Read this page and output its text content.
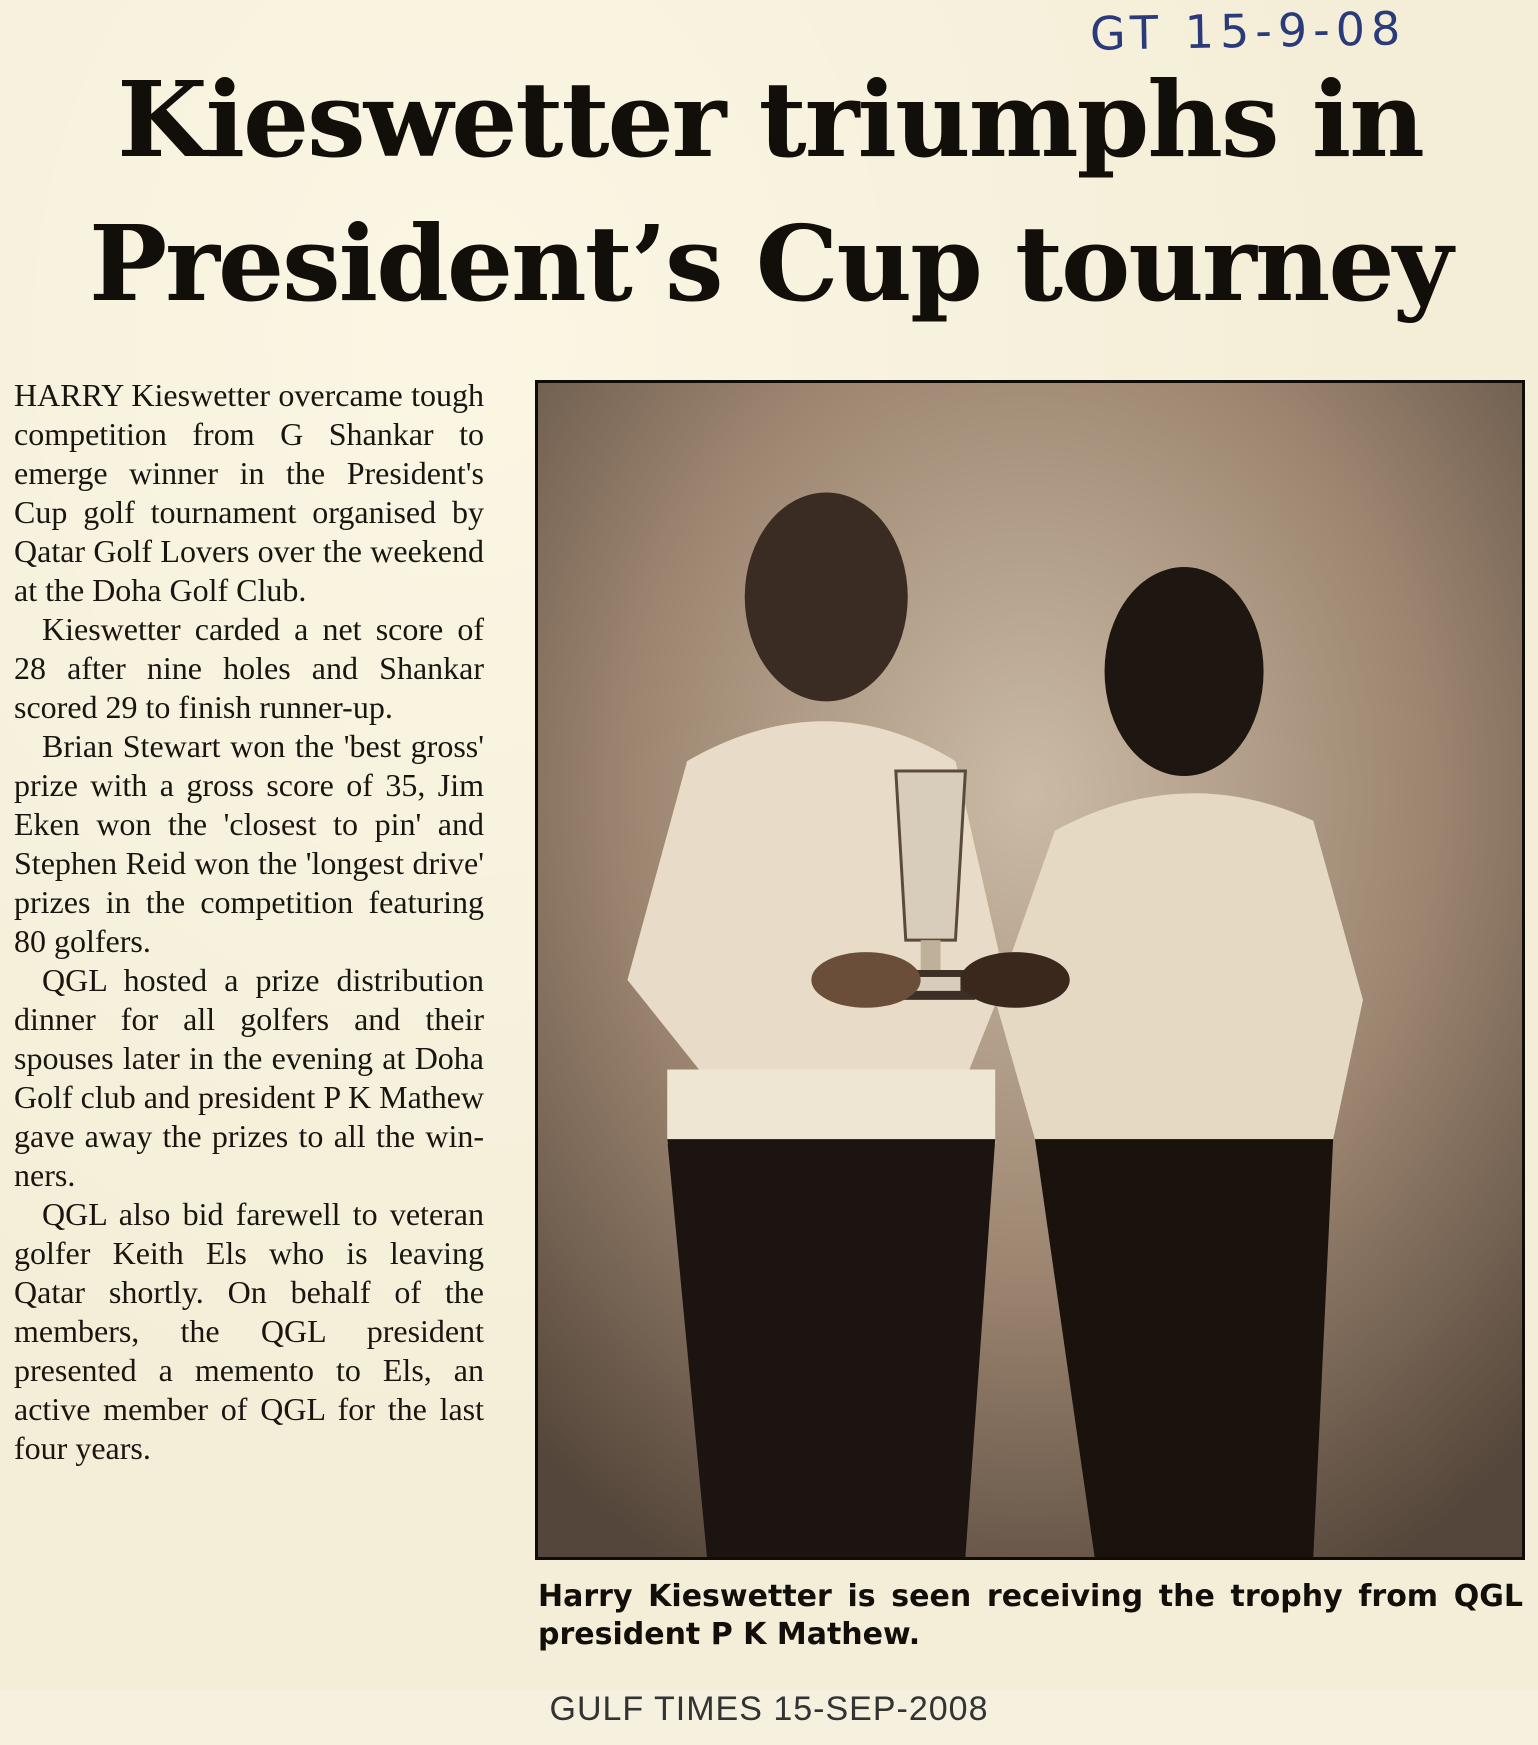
GT 15-9-08
Kieswetter triumphs in
President’s Cup tourney

HARRY Kieswetter overcame tough competition from G Shankar to emerge winner in the President's Cup golf tournament organised by Qatar Golf Lovers over the weekend at the Doha Golf Club.

Kieswetter carded a net score of 28 after nine holes and Shankar scored 29 to finish runner-up.

Brian Stewart won the 'best gross' prize with a gross score of 35, Jim Eken won the 'closest to pin' and Stephen Reid won the 'longest drive' prizes in the competition featuring 80 golfers.

QGL hosted a prize distribution dinner for all golfers and their spouses later in the evening at Doha Golf club and president P K Mathew gave away the prizes to all the winners.

QGL also bid farewell to veteran golfer Keith Els who is leaving Qatar shortly. On behalf of the members, the QGL president presented a memento to Els, an active member of QGL for the last four years.

Harry Kieswetter is seen receiving the trophy from QGL president P K Mathew.
GULF TIMES 15-SEP-2008
